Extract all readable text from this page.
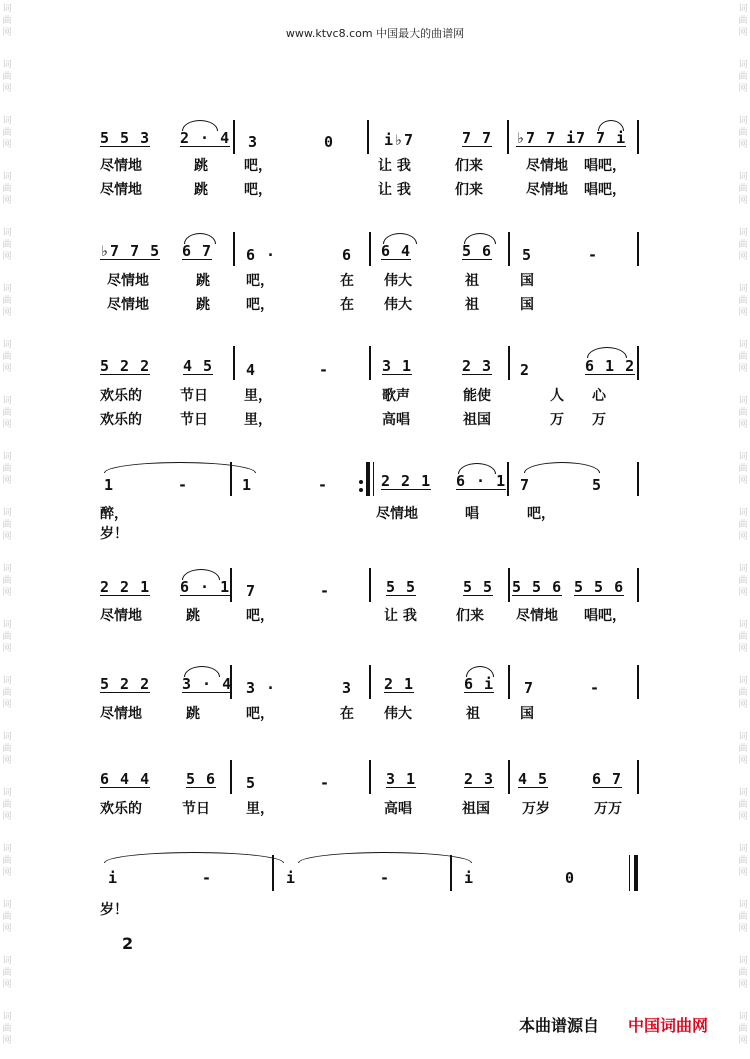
词
曲
网
词
曲
网
词
曲
网
词
曲
网
词
曲
网
词
曲
网
词
曲
网
词
曲
网
词
曲
网
词
曲
网
词
曲
网
词
曲
网
词
曲
网
词
曲
网
词
曲
网
词
曲
网
词
曲
网
词
曲
网
词
曲
网
词
曲
网
词
曲
网
词
曲
网
词
曲
网
词
曲
网
词
曲
网
词
曲
网
词
曲
网
词
曲
网
词
曲
网
词
曲
网
词
曲
网
词
曲
网
词
曲
网
词
曲
网
词
曲
网
词
曲
网
词
曲
网
词
曲
网
www.ktvc8.com 中国最大的曲谱网
5 5 3 2 · 4 3	0	i♭7	7 7 ♭7 7 i 7 7 i
尽情地	跳	吧，	让 我	们来	尽情地 唱吧，
尽情地	跳	吧，	让 我	们来	尽情地 唱吧，
♭7 7 5 6 7 6 ·	6 6 4	5 6 5	-
尽情地	跳	吧，	在 伟大	祖	国
尽情地	跳	吧，	在 伟大	祖	国
5 2 2 4 5 4	-	3 1	2 3 2	6 1 2
欢乐的	节日	里，	歌声	能使	人 心
欢乐的	节日	里，	高唱	祖国	万 万
1	-	1	-	2 2 1 6 · 1 7	5
醉，	尽情地	唱	吧，
岁！
2 2 1 6 · 1 7	-	5 5	5 5 5 5 6 5 5 6
尽情地	跳	吧，	让 我	们来 尽情地 唱吧，
5 2 2 3 · 4 3 ·	3 2 1	6 i 7	-
尽情地	跳	吧，	在 伟大	祖	国
6 4 4 5 6 5	-	3 1	2 3 4 5	6 7
欢乐的	节日	里，	高唱	祖国 万岁	万万
i	-	i	-	i	0
岁！
2
本曲谱源自 中国词曲网
